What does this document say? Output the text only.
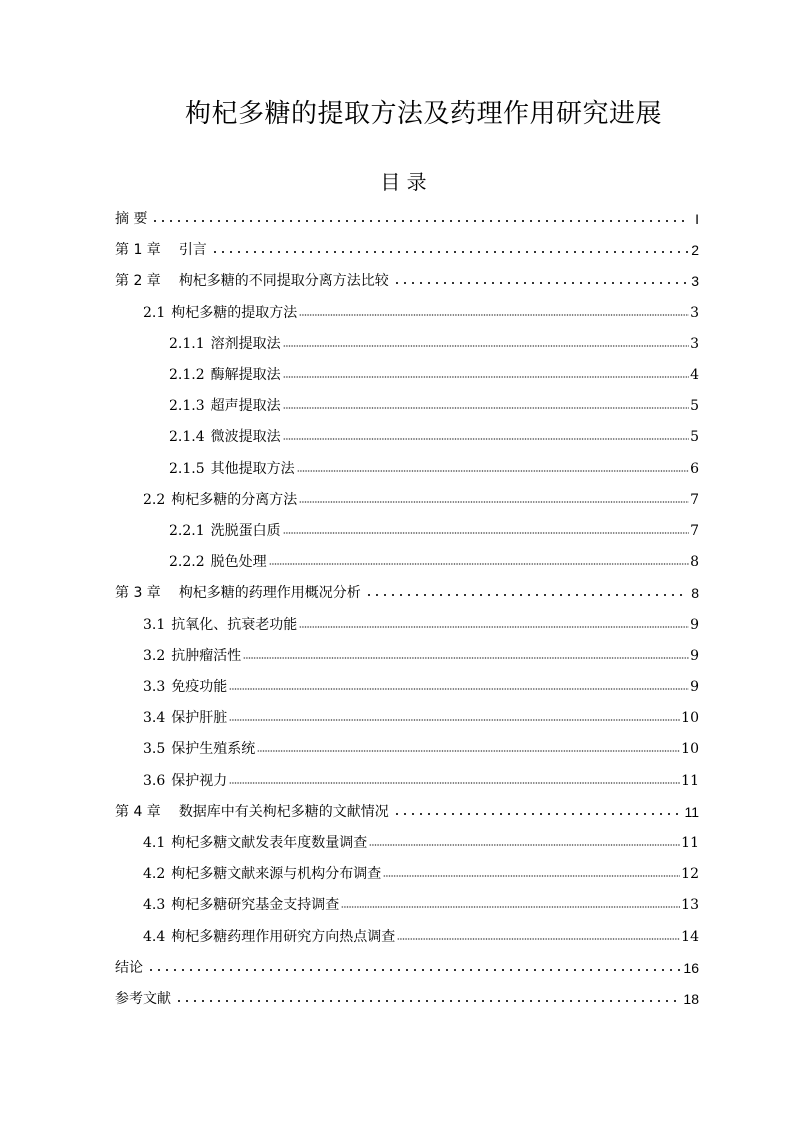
枸杞多糖的提取方法及药理作用研究进展
目 录
摘 要	I
第 1 章 引言	2
第 2 章 枸杞多糖的不同提取分离方法比较	3
2.1 枸杞多糖的提取方法	3
2.1.1 溶剂提取法	3
2.1.2 酶解提取法	4
2.1.3 超声提取法	5
2.1.4 微波提取法	5
2.1.5 其他提取方法	6
2.2 枸杞多糖的分离方法	7
2.2.1 洗脱蛋白质	7
2.2.2 脱色处理	8
第 3 章 枸杞多糖的药理作用概况分析	8
3.1 抗氧化、抗衰老功能	9
3.2 抗肿瘤活性	9
3.3 免疫功能	9
3.4 保护肝脏	10
3.5 保护生殖系统	10
3.6 保护视力	11
第 4 章 数据库中有关枸杞多糖的文献情况	11
4.1 枸杞多糖文献发表年度数量调查	11
4.2 枸杞多糖文献来源与机构分布调查	12
4.3 枸杞多糖研究基金支持调查	13
4.4 枸杞多糖药理作用研究方向热点调查	14
结论	16
参考文献	18
